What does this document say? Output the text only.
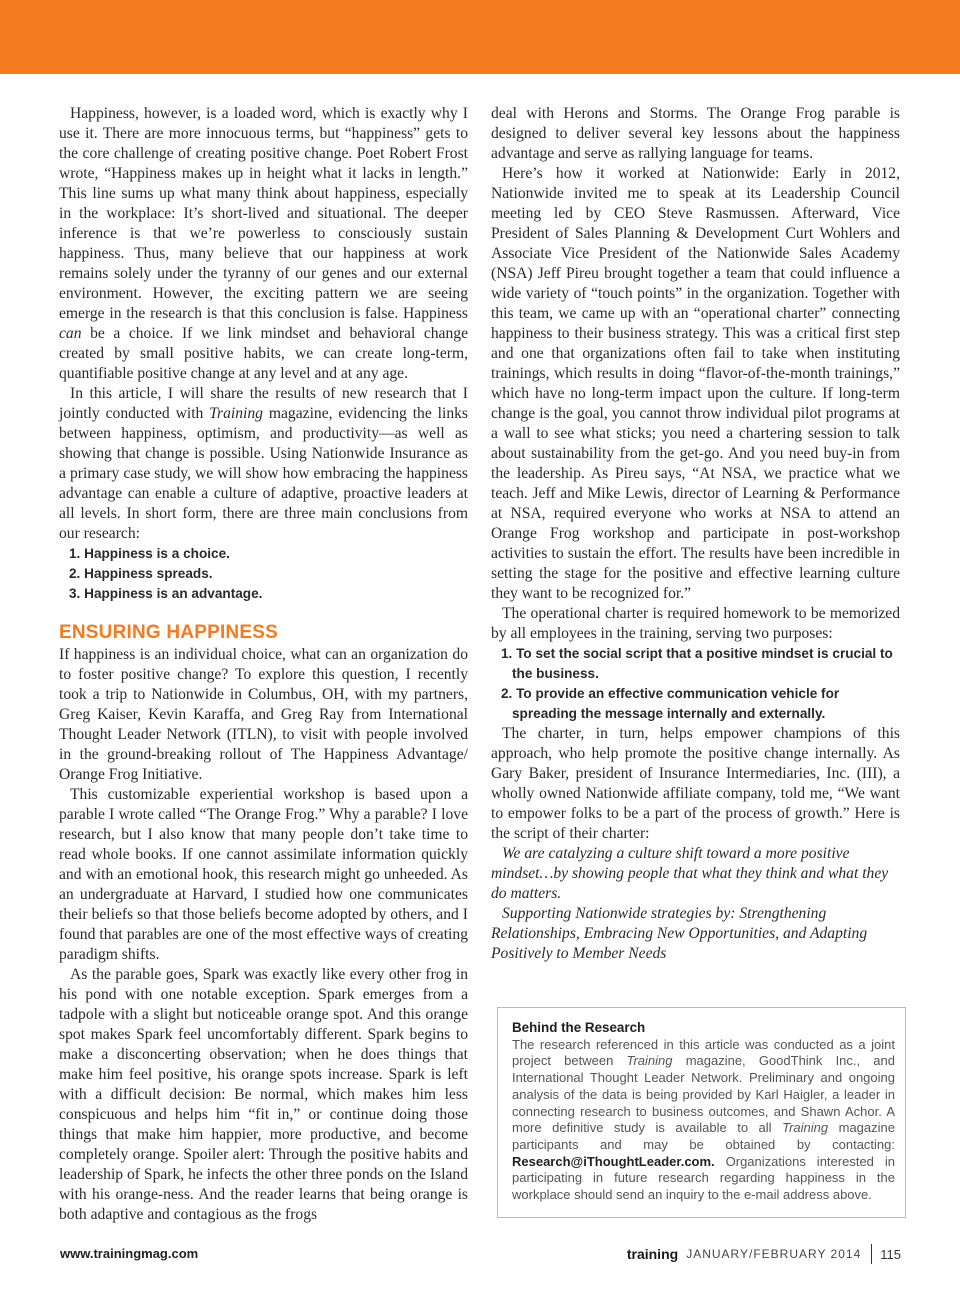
Happiness, however, is a loaded word, which is exactly why I use it. There are more innocuous terms, but “happiness” gets to the core challenge of creating positive change. Poet Robert Frost wrote, “Happiness makes up in height what it lacks in length.” This line sums up what many think about happiness, especially in the workplace: It’s short-lived and situational. The deeper inference is that we’re powerless to consciously sustain happiness. Thus, many believe that our happiness at work remains solely under the tyranny of our genes and our external environment. However, the exciting pattern we are seeing emerge in the research is that this conclusion is false. Happiness can be a choice. If we link mindset and behavioral change created by small positive habits, we can create long-term, quantifiable positive change at any level and at any age.

In this article, I will share the results of new research that I jointly conducted with Training magazine, evidencing the links between happiness, optimism, and productivity—as well as showing that change is possible. Using Nationwide Insurance as a primary case study, we will show how embracing the happiness advantage can enable a culture of adaptive, proactive leaders at all levels. In short form, there are three main conclusions from our research:

1. Happiness is a choice.
2. Happiness spreads.
3. Happiness is an advantage.
ENSURING HAPPINESS

If happiness is an individual choice, what can an organization do to foster positive change? To explore this question, I recently took a trip to Nationwide in Columbus, OH, with my partners, Greg Kaiser, Kevin Karaffa, and Greg Ray from International Thought Leader Network (ITLN), to visit with people involved in the ground-breaking rollout of The Happiness Advantage/ Orange Frog Initiative.

This customizable experiential workshop is based upon a parable I wrote called “The Orange Frog.” Why a parable? I love research, but I also know that many people don’t take time to read whole books. If one cannot assimilate information quickly and with an emotional hook, this research might go unheeded. As an undergraduate at Harvard, I studied how one communicates their beliefs so that those beliefs become adopted by others, and I found that parables are one of the most effective ways of creating paradigm shifts.

As the parable goes, Spark was exactly like every other frog in his pond with one notable exception. Spark emerges from a tadpole with a slight but noticeable orange spot. And this orange spot makes Spark feel uncomfortably different. Spark begins to make a disconcerting observation; when he does things that make him feel positive, his orange spots increase. Spark is left with a difficult decision: Be normal, which makes him less conspicuous and helps him “fit in,” or continue doing those things that make him happier, more productive, and become completely orange. Spoiler alert: Through the positive habits and leadership of Spark, he infects the other three ponds on the Island with his orange-ness. And the reader learns that being orange is both adaptive and contagious as the frogs

deal with Herons and Storms. The Orange Frog parable is designed to deliver several key lessons about the happiness advantage and serve as rallying language for teams.

Here’s how it worked at Nationwide: Early in 2012, Nationwide invited me to speak at its Leadership Council meeting led by CEO Steve Rasmussen. Afterward, Vice President of Sales Planning & Development Curt Wohlers and Associate Vice President of the Nationwide Sales Academy (NSA) Jeff Pireu brought together a team that could influence a wide variety of “touch points” in the organization. Together with this team, we came up with an “operational charter” connecting happiness to their business strategy. This was a critical first step and one that organizations often fail to take when instituting trainings, which results in doing “flavor-of-the-month trainings,” which have no long-term impact upon the culture. If long-term change is the goal, you cannot throw individual pilot programs at a wall to see what sticks; you need a chartering session to talk about sustainability from the get-go. And you need buy-in from the leadership. As Pireu says, “At NSA, we practice what we teach. Jeff and Mike Lewis, director of Learning & Performance at NSA, required everyone who works at NSA to attend an Orange Frog workshop and participate in post-workshop activities to sustain the effort. The results have been incredible in setting the stage for the positive and effective learning culture they want to be recognized for.”

The operational charter is required homework to be memorized by all employees in the training, serving two purposes:

1. To set the social script that a positive mindset is crucial to the business.
2. To provide an effective communication vehicle for spreading the message internally and externally.

The charter, in turn, helps empower champions of this approach, who help promote the positive change internally. As Gary Baker, president of Insurance Intermediaries, Inc. (III), a wholly owned Nationwide affiliate company, told me, “We want to empower folks to be a part of the process of growth.” Here is the script of their charter:

We are catalyzing a culture shift toward a more positive mindset…by showing people that what they think and what they do matters.

Supporting Nationwide strategies by: Strengthening Relationships, Embracing New Opportunities, and Adapting Positively to Member Needs

Behind the Research

The research referenced in this article was conducted as a joint project between Training magazine, GoodThink Inc., and International Thought Leader Network. Preliminary and ongoing analysis of the data is being provided by Karl Haigler, a leader in connecting research to business outcomes, and Shawn Achor. A more definitive study is available to all Training magazine participants and may be obtained by contacting: Research@iThoughtLeader.com. Organizations interested in participating in future research regarding happiness in the workplace should send an inquiry to the e-mail address above.

www.trainingmag.com	training JANUARY/FEBRUARY 2014 115
